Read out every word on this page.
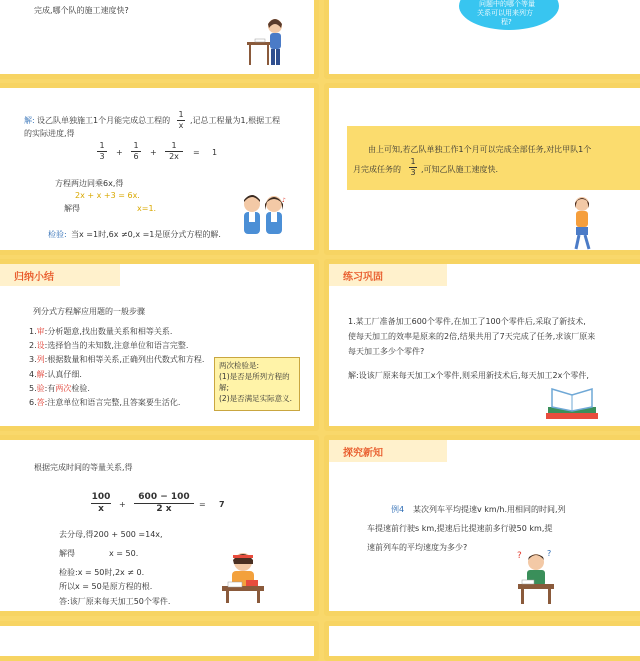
完成,哪个队的施工速度快?
问题中的哪个等量
关系可以用来列方
程?
解: 设乙队单独施工1个月能完成总工程的
1
x
,记总工程量为1,根据工程
的实际进度,得
1
3 +
1
6 +
1
2x = 1
方程两边同乘6x,得
2x + x +3 = 6x.
解得	x=1.
检验: 当x =1时,6x ≠0,x =1是原分式方程的解.
♪
由上可知,若乙队单独工作1个月可以完成全部任务,对比甲队1个
月完成任务的
1
3 ,可知乙队施工速度快.
归纳小结
列分式方程解应用题的一般步骤
1.审:分析题意,找出数量关系和相等关系.
2.设:选择恰当的未知数,注意单位和语言完整.
3.列:根据数量和相等关系,正确列出代数式和方程.
4.解:认真仔细.
5.验:有两次检验.
6.答:注意单位和语言完整,且答案要生活化.
两次检验是:
(1)是否是所列方程的
解;
(2)是否满足实际意义.
练习巩固
1.某工厂准备加工600个零件,在加工了100个零件后,采取了新技术,
使每天加工的效率是原来的2倍,结果共用了7天完成了任务,求该厂原来
每天加工多少个零件?
解:设该厂原来每天加工x个零件,则采用新技术后,每天加工2x个零件,
根据完成时间的等量关系,得
100
x +
600 − 100
2 x	= 7
去分母,得200 + 500 =14x,
解得	x = 50.
检验:x = 50时,2x ≠ 0.
所以x = 50是原方程的根.
答:该厂原来每天加工50个零件.
探究新知
例4 某次列车平均提速v km/h.用相同的时间,列
车提速前行驶s km,提速后比提速前多行驶50 km,提
速前列车的平均速度为多少?
?	?
